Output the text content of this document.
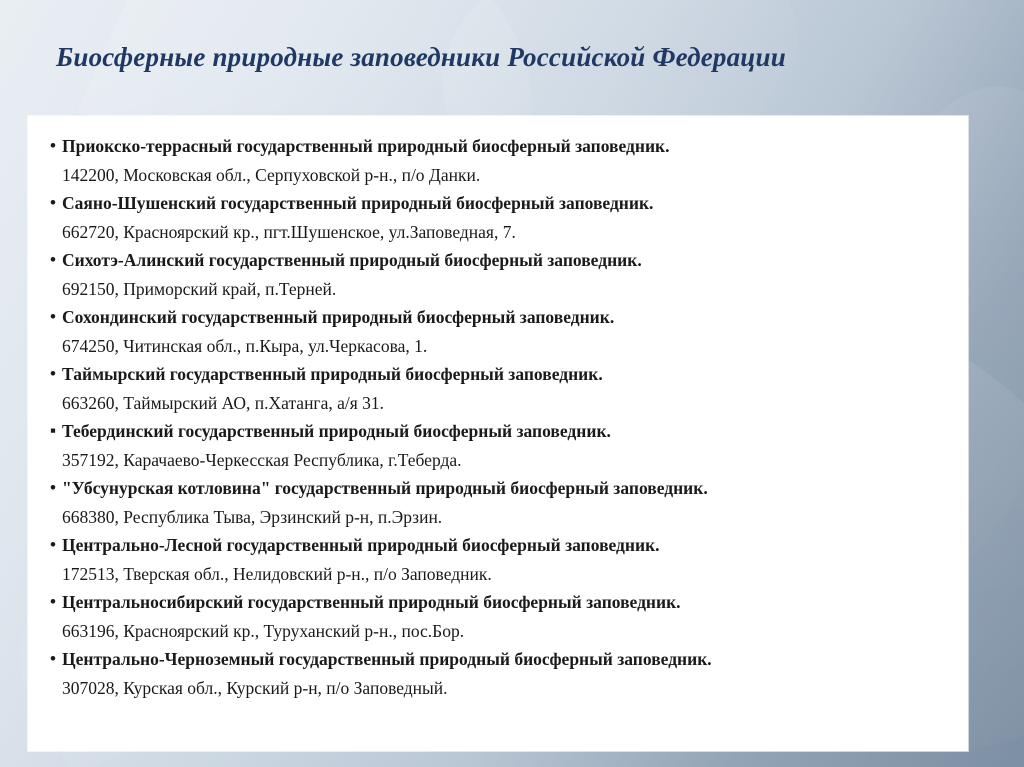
Биосферные природные заповедники Российской Федерации
• Приокско-террасный государственный природный биосферный заповедник.
142200, Московская обл., Серпуховской р-н., п/о Данки.
• Саяно-Шушенский государственный природный биосферный заповедник.
662720, Красноярский кр., пгт.Шушенское, ул.Заповедная, 7.
• Сихотэ-Алинский государственный природный биосферный заповедник.
692150, Приморский край, п.Терней.
• Сохондинский государственный природный биосферный заповедник.
674250, Читинская обл., п.Кыра, ул.Черкасова, 1.
• Таймырский государственный природный биосферный заповедник.
663260, Таймырский АО, п.Хатанга, а/я 31.
▪ Тебердинский государственный природный биосферный заповедник.
357192, Карачаево-Черкесская Республика, г.Теберда.
• "Убсунурская котловина" государственный природный биосферный заповедник.
668380, Республика Тыва, Эрзинский р-н, п.Эрзин.
• Центрально-Лесной государственный природный биосферный заповедник.
172513, Тверская обл., Нелидовский р-н., п/о Заповедник.
• Центральносибирский государственный природный биосферный заповедник.
663196, Красноярский кр., Туруханский р-н., пос.Бор.
• Центрально-Черноземный государственный природный биосферный заповедник.
307028, Курская обл., Курский р-н, п/о Заповедный.
